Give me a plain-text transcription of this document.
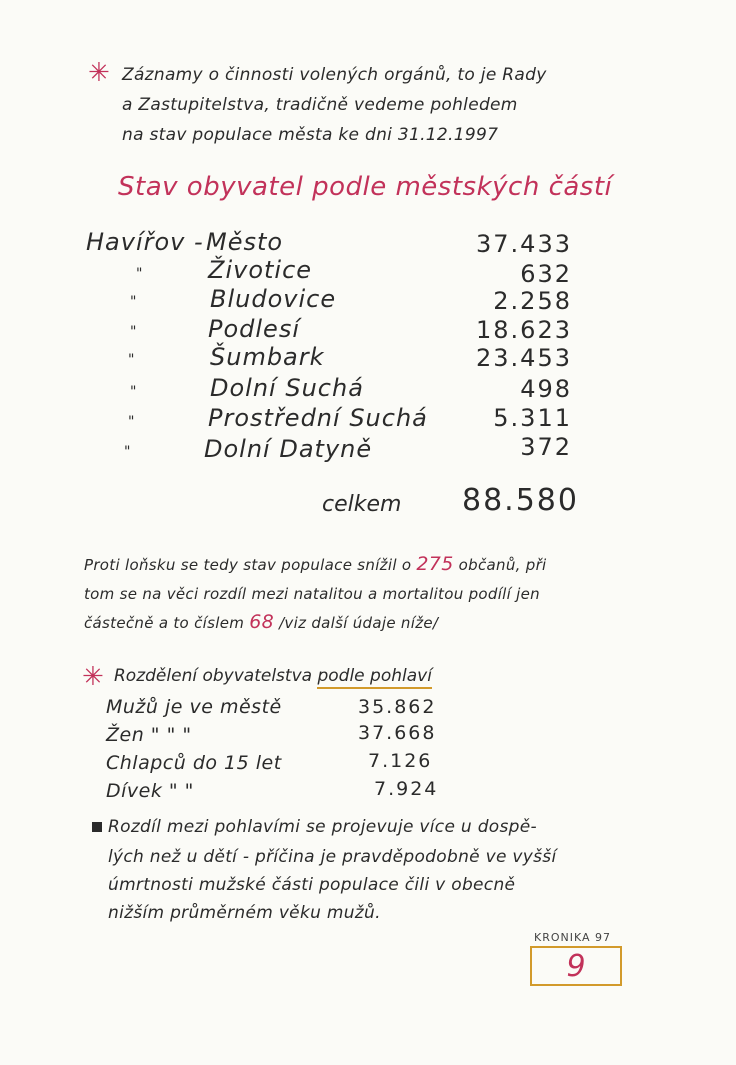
✳ Záznamy o činnosti volených orgánů, to je Rady
a Zastupitelstva, tradičně vedeme pohledem
na stav populace města ke dni 31.12.1997
Stav obyvatel podle městských částí
Havířov - Město	37.433
"	Životice	632
"	Bludovice	2.258
"	Podlesí	18.623
"	Šumbark	23.453
"	Dolní Suchá	498
"	Prostřední Suchá	5.311
"	Dolní Datyně	372
celkem 88.580
Proti loňsku se tedy stav populace snížil o 275 občanů, při
tom se na věci rozdíl mezi natalitou a mortalitou podílí jen
částečně a to číslem 68 /viz další údaje níže/
✳ Rozdělení obyvatelstva podle pohlaví
Mužů je ve městě	35.862
Žen " " "	37.668
Chlapců do 15 let	7.126
Dívek " "	7.924
Rozdíl mezi pohlavími se projevuje více u dospě-
lých než u dětí - příčina je pravděpodobně ve vyšší
úmrtnosti mužské části populace čili v obecně
nižším průměrném věku mužů.
KRONIKA 97
9
